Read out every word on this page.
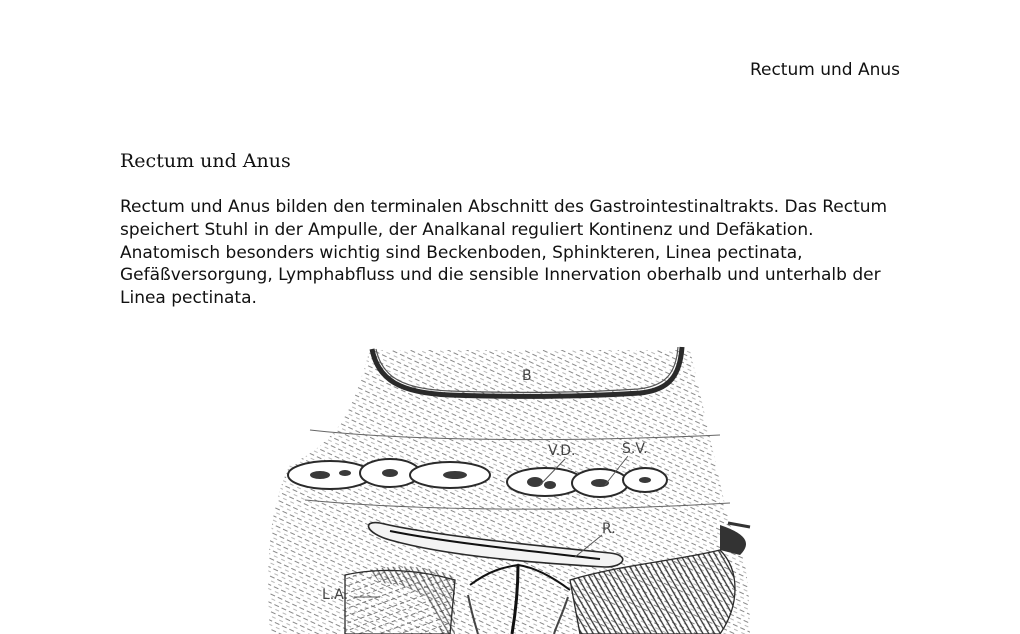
Rectum und Anus
Rectum und Anus

Rectum und Anus bilden den terminalen Abschnitt des Gastrointestinaltrakts. Das Rectum speichert Stuhl in der Ampulle, der Analkanal reguliert Kontinenz und Defäkation. Anatomisch besonders wichtig sind Beckenboden, Sphinkteren, Linea pectinata, Gefäßversorgung, Lymphabfluss und die sensible Innervation oberhalb und unterhalb der Linea pectinata.

B
V.D.	S.V.
R.
L.A.
